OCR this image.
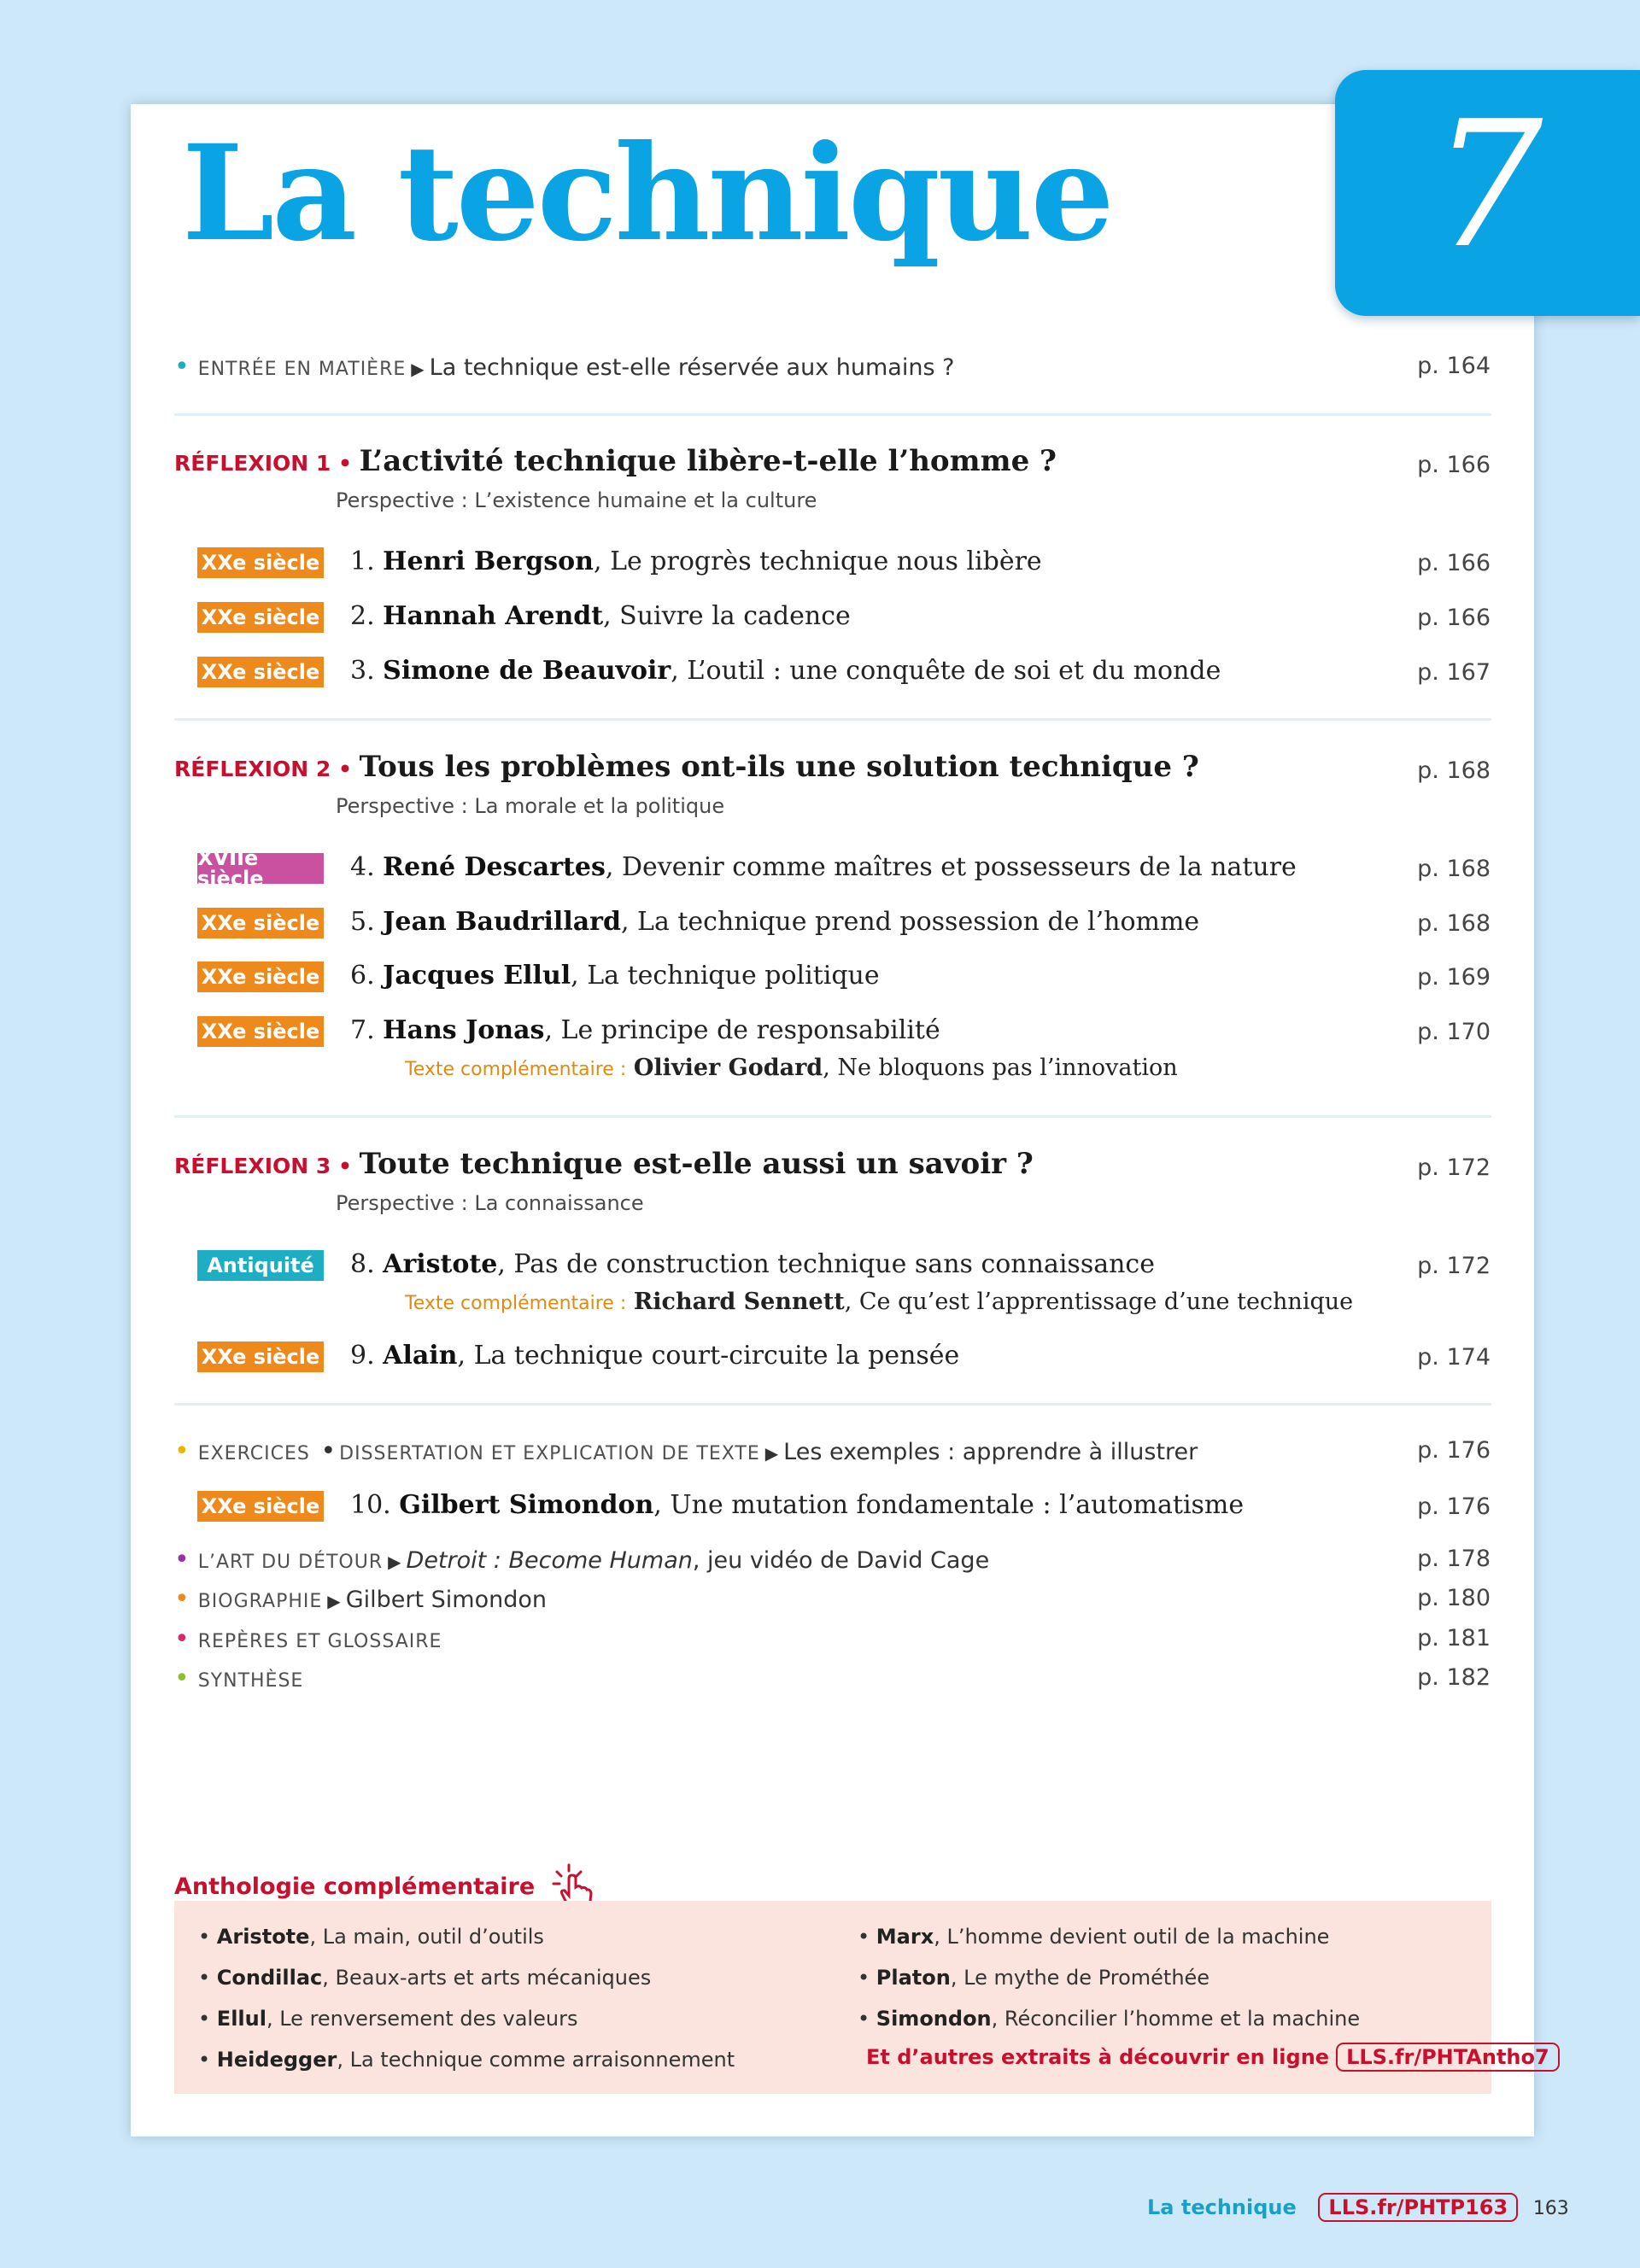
7
La technique
• ENTRÉE EN MATIÈRE ▶ La technique est-elle réservée aux humains ?	p. 164
RÉFLEXION 1 • L’activité technique libère-t-elle l’homme ?	p. 166
Perspective : L’existence humaine et la culture
XXe siècle 1. Henri Bergson, Le progrès technique nous libère	p. 166
XXe siècle 2. Hannah Arendt, Suivre la cadence	p. 166
XXe siècle 3. Simone de Beauvoir, L’outil : une conquête de soi et du monde	p. 167
RÉFLEXION 2 • Tous les problèmes ont-ils une solution technique ?	p. 168
Perspective : La morale et la politique
XVIIe siècle	4. René Descartes, Devenir comme maîtres et possesseurs de la nature	p. 168
XXe siècle 5. Jean Baudrillard, La technique prend possession de l’homme	p. 168
XXe siècle 6. Jacques Ellul, La technique politique	p. 169
XXe siècle 7. Hans Jonas, Le principe de responsabilité	p. 170
Texte complémentaire : Olivier Godard, Ne bloquons pas l’innovation
RÉFLEXION 3 • Toute technique est-elle aussi un savoir ?	p. 172
Perspective : La connaissance
Antiquité	8. Aristote, Pas de construction technique sans connaissance	p. 172
Texte complémentaire : Richard Sennett, Ce qu’est l’apprentissage d’une technique
XXe siècle 9. Alain, La technique court-circuite la pensée	p. 174
• EXERCICES • DISSERTATION ET EXPLICATION DE TEXTE ▶ Les exemples : apprendre à illustrer	p. 176
XXe siècle 10. Gilbert Simondon, Une mutation fondamentale : l’automatisme	p. 176
• L’ART DU DÉTOUR ▶ Detroit : Become Human, jeu vidéo de David Cage	p. 178
• BIOGRAPHIE ▶ Gilbert Simondon	p. 180
• REPÈRES ET GLOSSAIRE	p. 181
• SYNTHÈSE	p. 182
Anthologie complémentaire
• Aristote, La main, outil d’outils
• Condillac, Beaux-arts et arts mécaniques
• Ellul, Le renversement des valeurs
• Heidegger, La technique comme arraisonnement
• Marx, L’homme devient outil de la machine
• Platon, Le mythe de Prométhée
• Simondon, Réconcilier l’homme et la machine
Et d’autres extraits à découvrir en ligne LLS.fr/PHTAntho7
La technique LLS.fr/PHTP163 163
